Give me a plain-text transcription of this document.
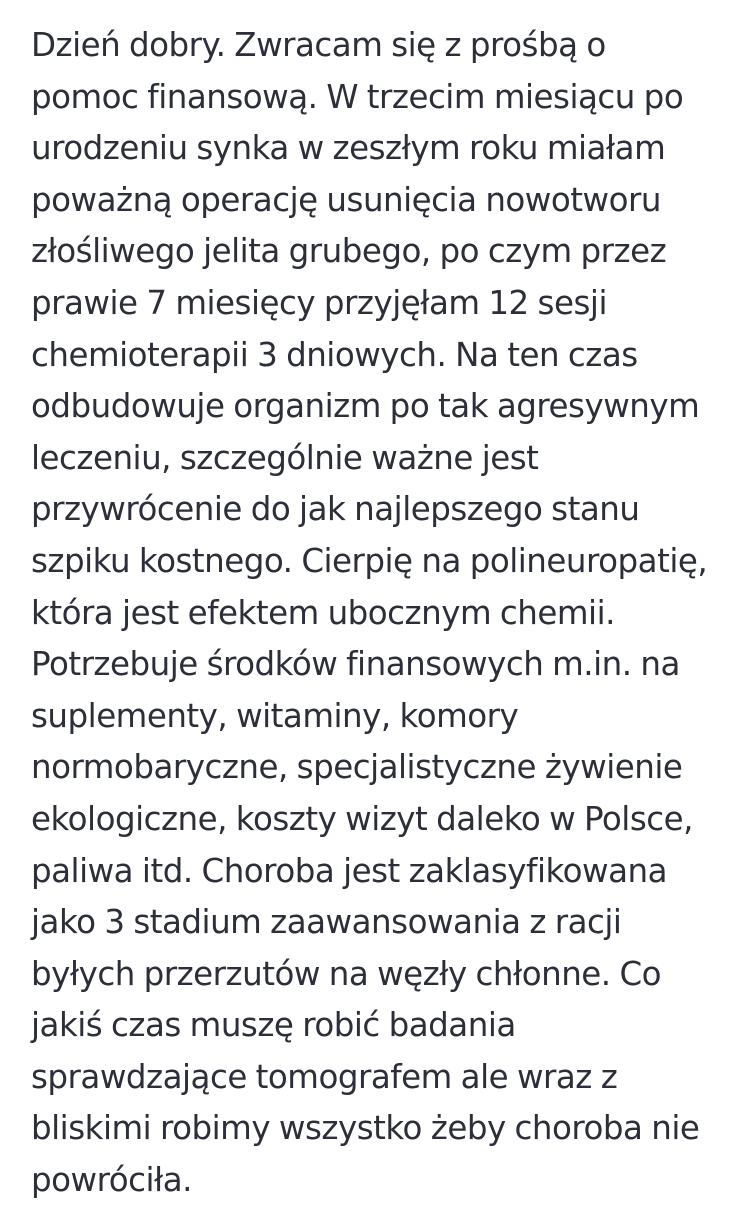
Dzień dobry. Zwracam się z prośbą o
pomoc finansową. W trzecim miesiącu po
urodzeniu synka w zeszłym roku miałam
poważną operację usunięcia nowotworu
złośliwego jelita grubego, po czym przez
prawie 7 miesięcy przyjęłam 12 sesji
chemioterapii 3 dniowych. Na ten czas
odbudowuje organizm po tak agresywnym
leczeniu, szczególnie ważne jest
przywrócenie do jak najlepszego stanu
szpiku kostnego. Cierpię na polineuropatię,
która jest efektem ubocznym chemii.
Potrzebuje środków finansowych m.in. na
suplementy, witaminy, komory
normobaryczne, specjalistyczne żywienie
ekologiczne, koszty wizyt daleko w Polsce,
paliwa itd. Choroba jest zaklasyfikowana
jako 3 stadium zaawansowania z racji
byłych przerzutów na węzły chłonne. Co
jakiś czas muszę robić badania
sprawdzające tomografem ale wraz z
bliskimi robimy wszystko żeby choroba nie
powróciła.
